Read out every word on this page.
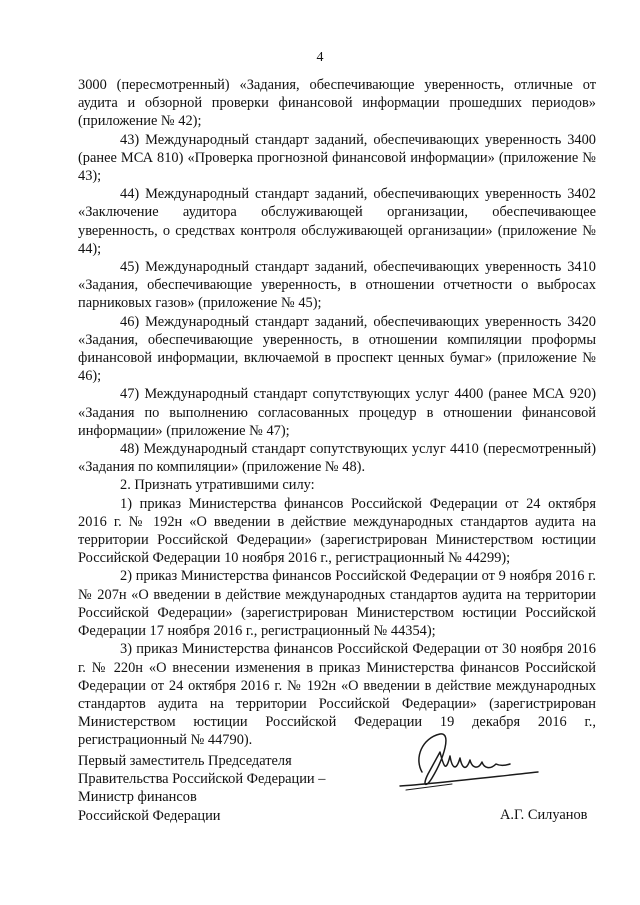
4

3000 (пересмотренный) «Задания, обеспечивающие уверенность, отличные от аудита и обзорной проверки финансовой информации прошедших периодов» (приложение № 42);

43) Международный стандарт заданий, обеспечивающих уверенность 3400 (ранее МСА 810) «Проверка прогнозной финансовой информации» (приложение № 43);

44) Международный стандарт заданий, обеспечивающих уверенность 3402 «Заключение аудитора обслуживающей организации, обеспечивающее уверенность, о средствах контроля обслуживающей организации» (приложение № 44);

45) Международный стандарт заданий, обеспечивающих уверенность 3410 «Задания, обеспечивающие уверенность, в отношении отчетности о выбросах парниковых газов» (приложение № 45);

46) Международный стандарт заданий, обеспечивающих уверенность 3420 «Задания, обеспечивающие уверенность, в отношении компиляции проформы финансовой информации, включаемой в проспект ценных бумаг» (приложение № 46);

47) Международный стандарт сопутствующих услуг 4400 (ранее МСА 920) «Задания по выполнению согласованных процедур в отношении финансовой информации» (приложение № 47);

48) Международный стандарт сопутствующих услуг 4410 (пересмотренный) «Задания по компиляции» (приложение № 48).

2. Признать утратившими силу:

1) приказ Министерства финансов Российской Федерации от 24 октября 2016 г. № 192н «О введении в действие международных стандартов аудита на территории Российской Федерации» (зарегистрирован Министерством юстиции Российской Федерации 10 ноября 2016 г., регистрационный № 44299);

2) приказ Министерства финансов Российской Федерации от 9 ноября 2016 г. № 207н «О введении в действие международных стандартов аудита на территории Российской Федерации» (зарегистрирован Министерством юстиции Российской Федерации 17 ноября 2016 г., регистрационный № 44354);

3) приказ Министерства финансов Российской Федерации от 30 ноября 2016 г. № 220н «О внесении изменения в приказ Министерства финансов Российской Федерации от 24 октября 2016 г. № 192н «О введении в действие международных стандартов аудита на территории Российской Федерации» (зарегистрирован Министерством юстиции Российской Федерации 19 декабря 2016 г., регистрационный № 44790).

Первый заместитель Председателя
Правительства Российской Федерации –
Министр финансов
Российской Федерации	А.Г. Силуанов
